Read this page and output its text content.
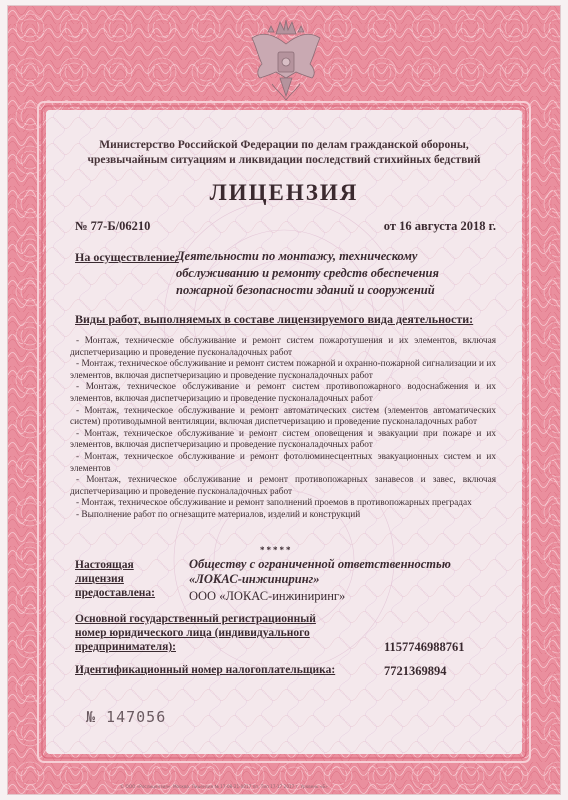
Министерство Российской Федерации по делам гражданской обороны,
чрезвычайным ситуациям и ликвидации последствий стихийных бедствий
ЛИЦЕНЗИЯ
№ 77-Б/06210	от 16 августа 2018 г.
На осуществление:
Деятельности по монтажу, техническому обслуживанию и ремонту средств обеспечения пожарной безопасности зданий и сооружений
Виды работ, выполняемых в составе лицензируемого вида деятельности:

- Монтаж, техническое обслуживание и ремонт систем пожаротушения и их элементов, включая диспетчеризацию и проведение пусконаладочных работ

- Монтаж, техническое обслуживание и ремонт систем пожарной и охранно-пожарной сигнализации и их элементов, включая диспетчеризацию и проведение пусконаладочных работ

- Монтаж, техническое обслуживание и ремонт систем противопожарного водоснабжения и их элементов, включая диспетчеризацию и проведение пусконаладочных работ

- Монтаж, техническое обслуживание и ремонт автоматических систем (элементов автоматических систем) противодымной вентиляции, включая диспетчеризацию и проведение пусконаладочных работ

- Монтаж, техническое обслуживание и ремонт систем оповещения и эвакуации при пожаре и их элементов, включая диспетчеризацию и проведение пусконаладочных работ

- Монтаж, техническое обслуживание и ремонт фотолюминесцентных эвакуационных систем и их элементов

- Монтаж, техническое обслуживание и ремонт противопожарных занавесов и завес, включая диспетчеризацию и проведение пусконаладочных работ

- Монтаж, техническое обслуживание и ремонт заполнений проемов в противопожарных преградах

- Выполнение работ по огнезащите материалов, изделий и конструкций

*****
Настоящая лицензия предоставлена:
Обществу с ограниченной ответственностью «ЛОКАС-инжиниринг»
ООО «ЛОКАС-инжиниринг»
Основной государственный регистрационный номер юридического лица (индивидуального предпринимателя):	1157746988761
Идентификационный номер налогоплательщика:	7721369894
№ 147056
© ООО «Рослицензия». Москва. Лицензия № 17-08-21-0017 пп, Тип 17-17 2017 г. Уровень «Б»
